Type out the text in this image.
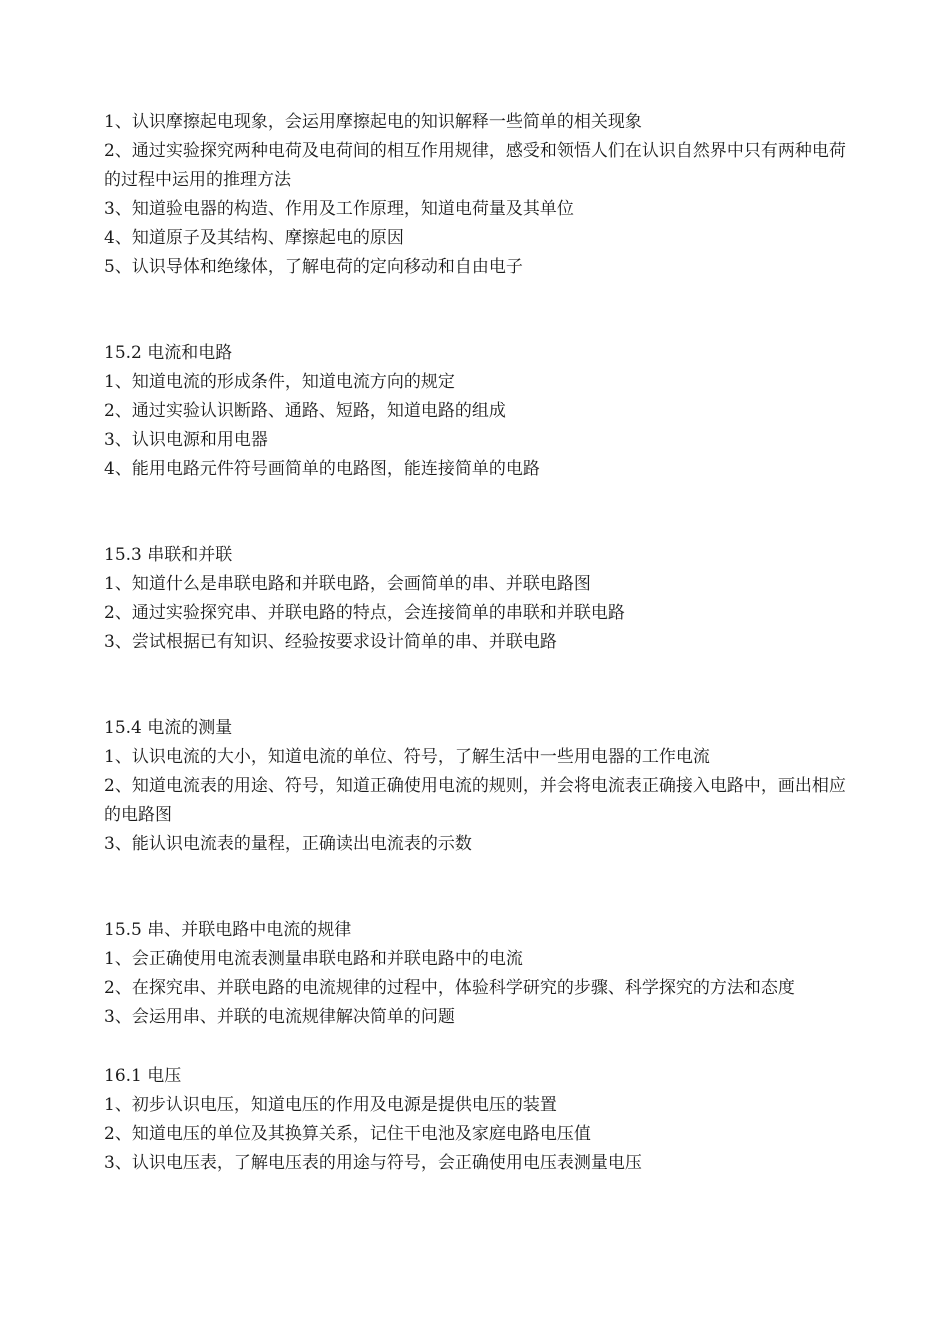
1、认识摩擦起电现象，会运用摩擦起电的知识解释一些简单的相关现象

2、通过实验探究两种电荷及电荷间的相互作用规律，感受和领悟人们在认识自然界中只有两种电荷的过程中运用的推理方法

3、知道验电器的构造、作用及工作原理，知道电荷量及其单位

4、知道原子及其结构、摩擦起电的原因

5、认识导体和绝缘体，了解电荷的定向移动和自由电子

15.2 电流和电路

1、知道电流的形成条件，知道电流方向的规定

2、通过实验认识断路、通路、短路，知道电路的组成

3、认识电源和用电器

4、能用电路元件符号画简单的电路图，能连接简单的电路

15.3 串联和并联

1、知道什么是串联电路和并联电路，会画简单的串、并联电路图

2、通过实验探究串、并联电路的特点，会连接简单的串联和并联电路

3、尝试根据已有知识、经验按要求设计简单的串、并联电路

15.4 电流的测量

1、认识电流的大小，知道电流的单位、符号，了解生活中一些用电器的工作电流

2、知道电流表的用途、符号，知道正确使用电流的规则，并会将电流表正确接入电路中，画出相应的电路图

3、能认识电流表的量程，正确读出电流表的示数

15.5 串、并联电路中电流的规律

1、会正确使用电流表测量串联电路和并联电路中的电流

2、在探究串、并联电路的电流规律的过程中，体验科学研究的步骤、科学探究的方法和态度

3、会运用串、并联的电流规律解决简单的问题

16.1 电压

1、初步认识电压，知道电压的作用及电源是提供电压的装置

2、知道电压的单位及其换算关系，记住干电池及家庭电路电压值

3、认识电压表，了解电压表的用途与符号，会正确使用电压表测量电压
